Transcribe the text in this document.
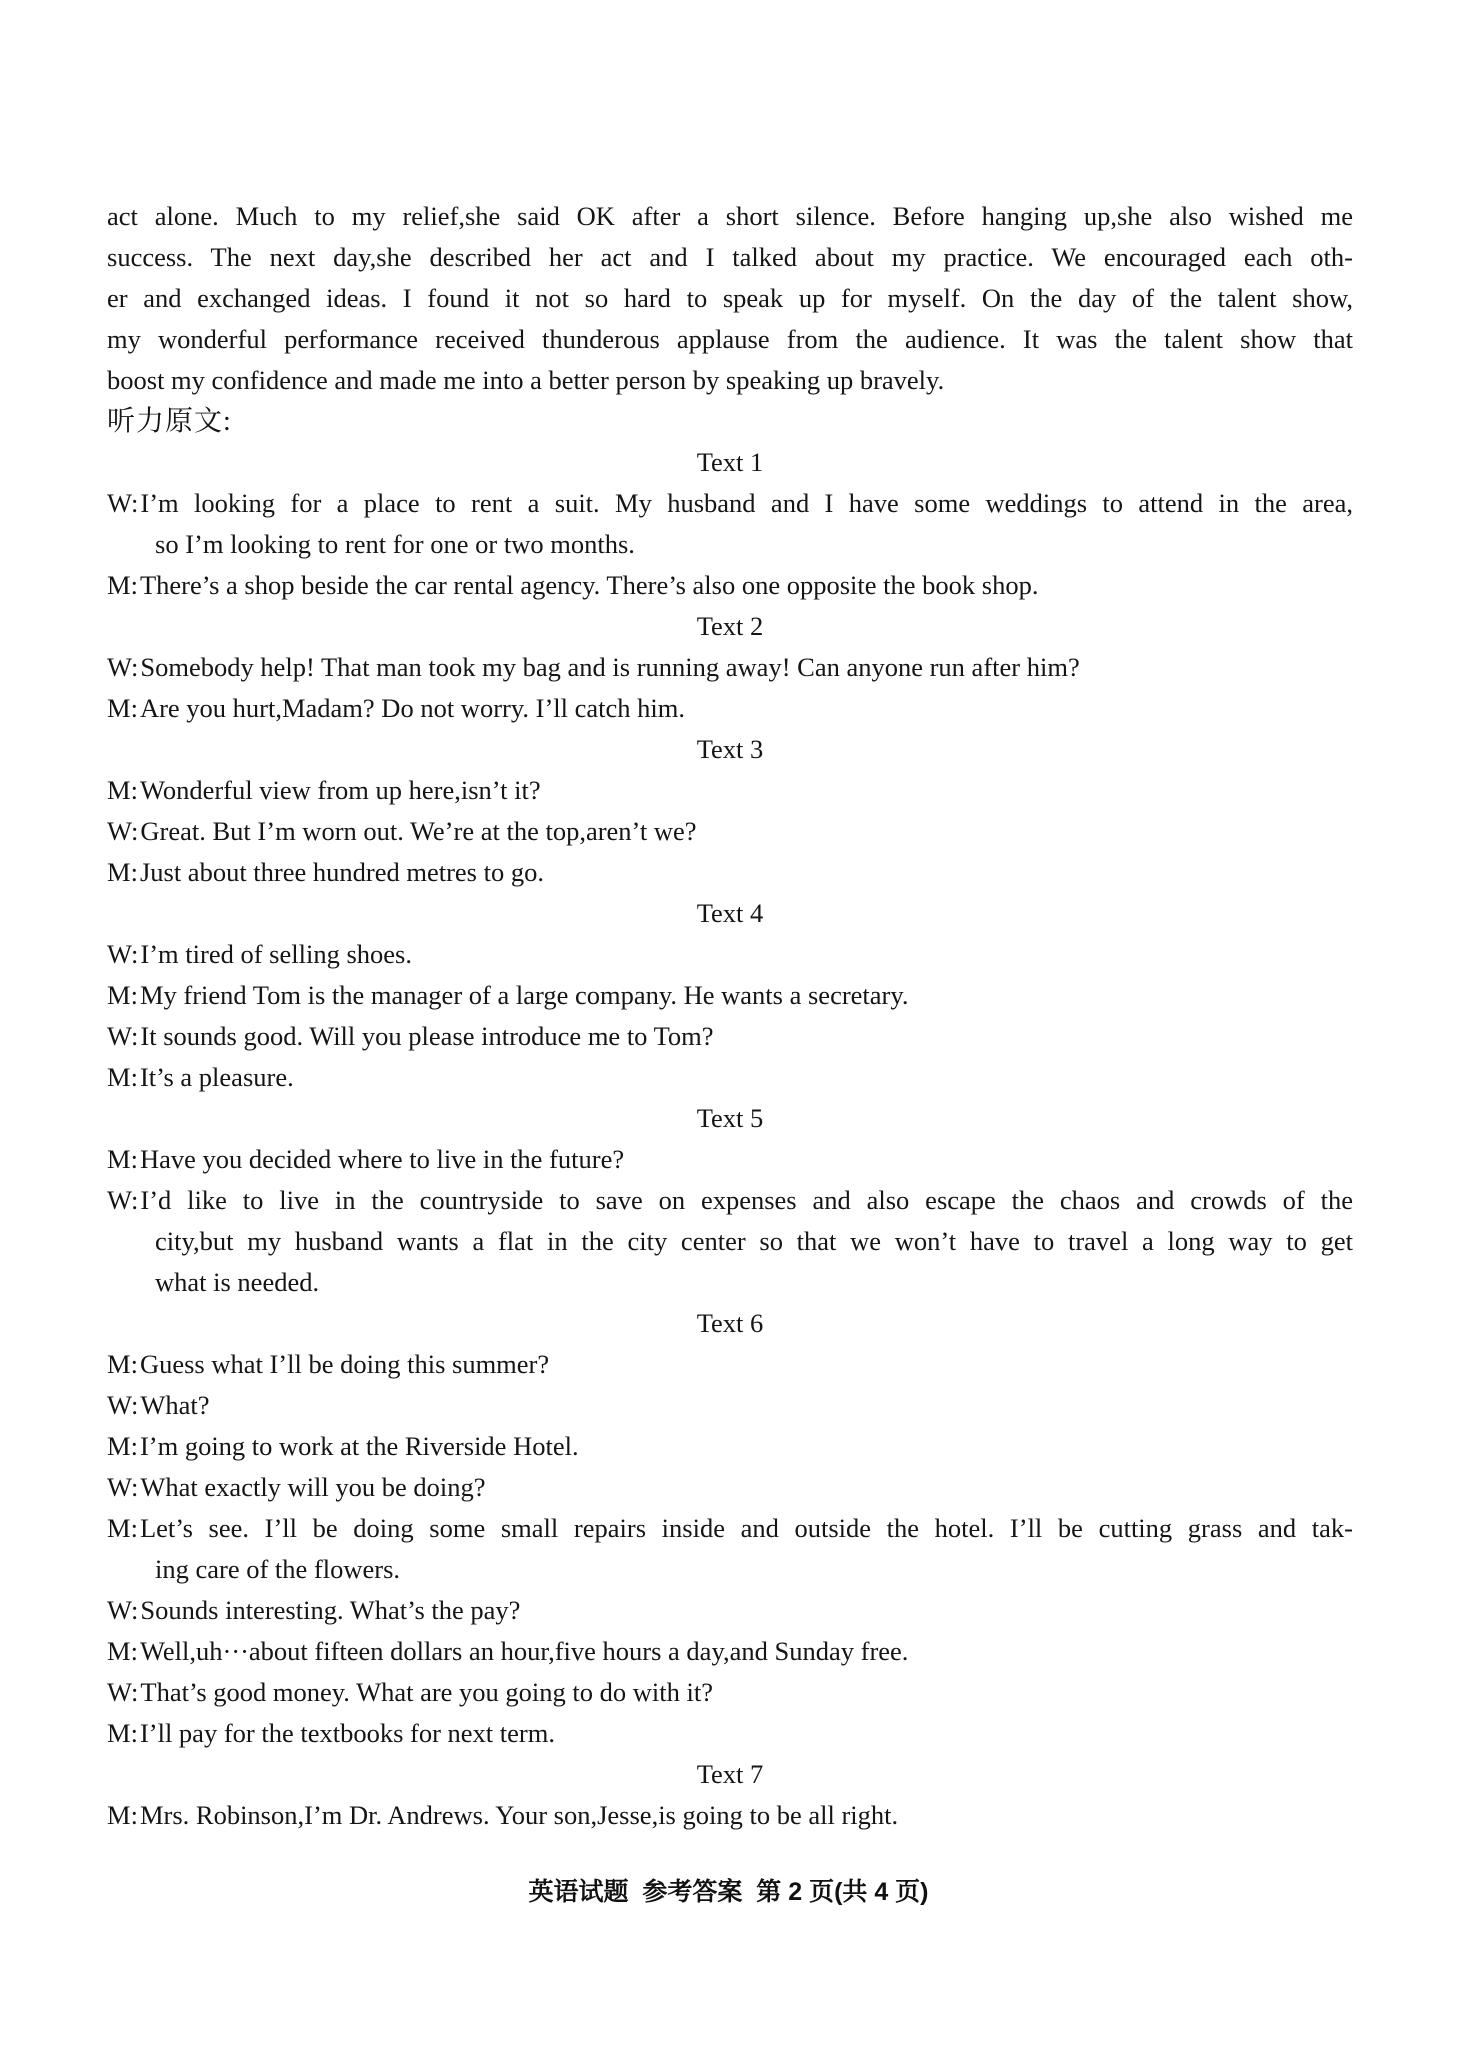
act alone. Much to my relief,she said OK after a short silence. Before hanging up,she also wished me
success. The next day,she described her act and I talked about my practice. We encouraged each oth-
er and exchanged ideas. I found it not so hard to speak up for myself. On the day of the talent show,
my wonderful performance received thunderous applause from the audience. It was the talent show that
boost my confidence and made me into a better person by speaking up bravely.
听力原文:
Text 1
W:I’m looking for a place to rent a suit. My husband and I have some weddings to attend in the area,
so I’m looking to rent for one or two months.
M:There’s a shop beside the car rental agency. There’s also one opposite the book shop.
Text 2
W:Somebody help! That man took my bag and is running away! Can anyone run after him?
M:Are you hurt,Madam? Do not worry. I’ll catch him.
Text 3
M:Wonderful view from up here,isn’t it?
W:Great. But I’m worn out. We’re at the top,aren’t we?
M:Just about three hundred metres to go.
Text 4
W:I’m tired of selling shoes.
M:My friend Tom is the manager of a large company. He wants a secretary.
W:It sounds good. Will you please introduce me to Tom?
M:It’s a pleasure.
Text 5
M:Have you decided where to live in the future?
W:I’d like to live in the countryside to save on expenses and also escape the chaos and crowds of the
city,but my husband wants a flat in the city center so that we won’t have to travel a long way to get
what is needed.
Text 6
M:Guess what I’ll be doing this summer?
W:What?
M:I’m going to work at the Riverside Hotel.
W:What exactly will you be doing?
M:Let’s see. I’ll be doing some small repairs inside and outside the hotel. I’ll be cutting grass and tak-
ing care of the flowers.
W:Sounds interesting. What’s the pay?
M:Well,uh···about fifteen dollars an hour,five hours a day,and Sunday free.
W:That’s good money. What are you going to do with it?
M:I’ll pay for the textbooks for next term.
Text 7
M:Mrs. Robinson,I’m Dr. Andrews. Your son,Jesse,is going to be all right.
英语试题  参考答案  第 2 页(共 4 页)
